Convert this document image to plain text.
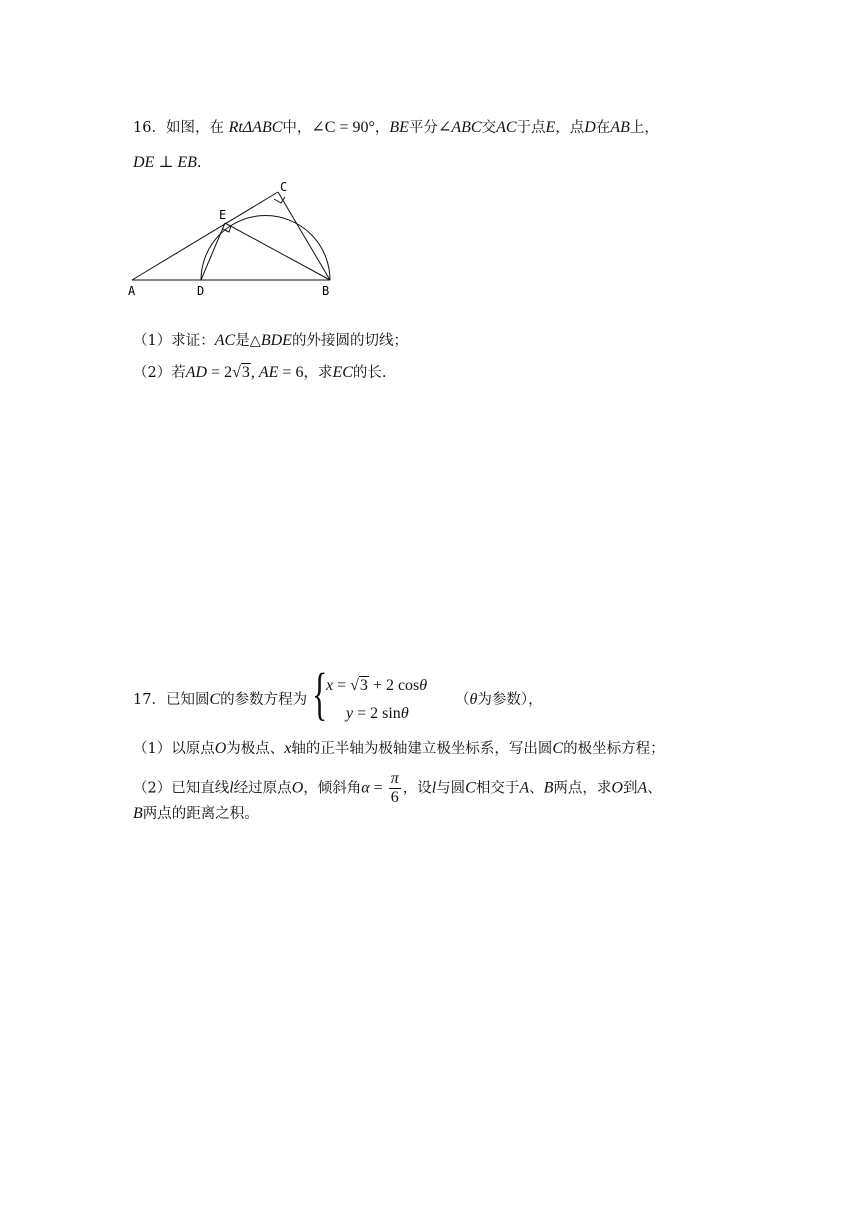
16．如图，在 RtΔABC中，∠C = 90°，BE平分∠ABC交AC于点E，点D在AB上，
DE ⊥ EB.
A	D	B
E
C
（1）求证：AC是△BDE的外接圆的切线；
（2）若AD = 2√3, AE = 6，求EC的长.
17．已知圆C的参数方程为 {
x = √3 + 2 cosθ
y = 2 sinθ
（θ为参数），
（1）以原点O为极点、x轴的正半轴为极轴建立极坐标系，写出圆C的极坐标方程；
（2）已知直线l经过原点O，倾斜角$\alpha = \frac{\pi}{6}$ ，设l与圆C相交于A、B两点，求O到A、
B两点的距离之积。
